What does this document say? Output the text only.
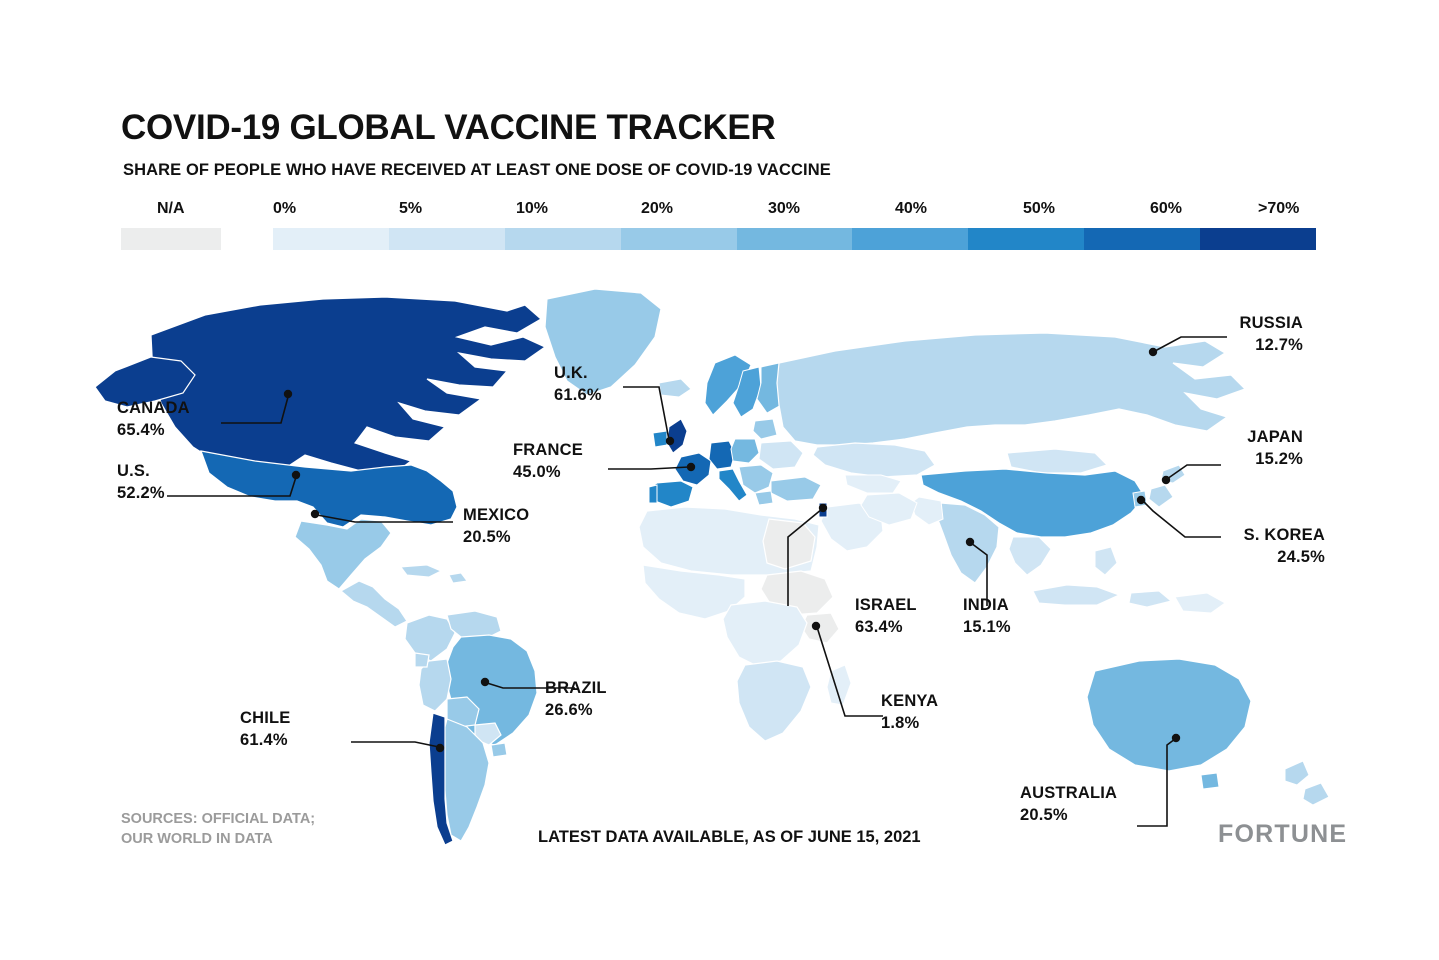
COVID-19 GLOBAL VACCINE TRACKER
SHARE OF PEOPLE WHO HAVE RECEIVED AT LEAST ONE DOSE OF COVID-19 VACCINE
N/A	0%	5%	10%	20%	30%	40%	50%	60%	>70%
CANADA
65.4%
U.S.
52.2%
MEXICO
20.5%
U.K.
61.6%
FRANCE
45.0%
RUSSIA
12.7%
JAPAN
15.2%
S. KOREA
24.5%
ISRAEL
63.4%
INDIA
15.1%
KENYA
1.8%
BRAZIL
26.6%
CHILE
61.4%
AUSTRALIA
20.5%
SOURCES: OFFICIAL DATA;
OUR WORLD IN DATA	LATEST DATA AVAILABLE, AS OF JUNE 15, 2021	FORTUNE
